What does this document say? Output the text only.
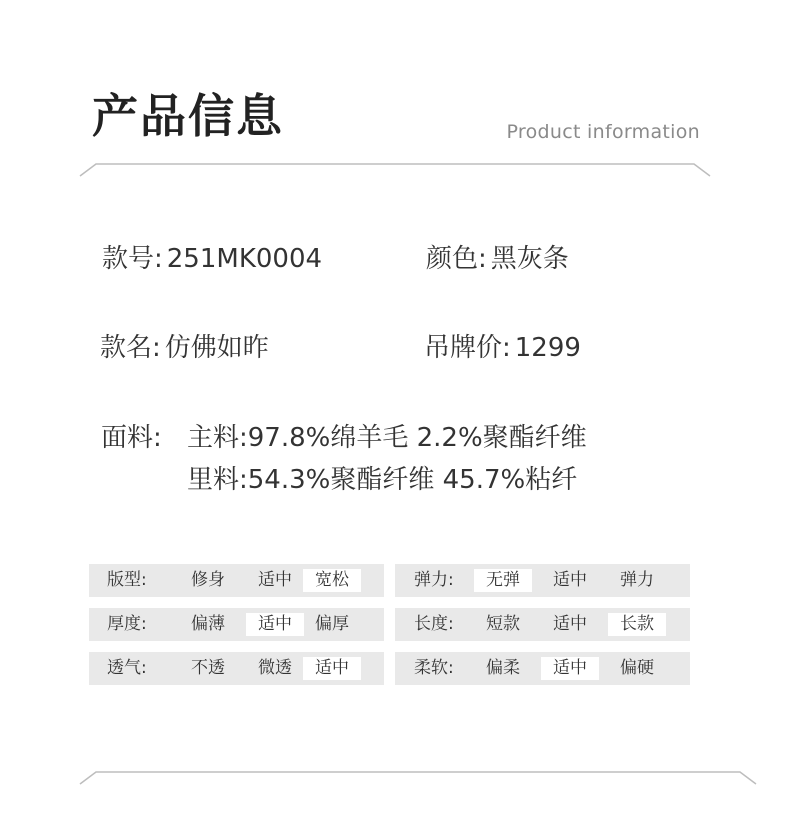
产品信息	Product information
款号: 251MK0004	颜色: 黑灰条
款名: 仿佛如昨	吊牌价: 1299
面料: 主料:97.8%绵羊毛 2.2%聚酯纤维
里料:54.3%聚酯纤维 45.7%粘纤
版型:	修身	适中	宽松	弹力:	无弹	适中	弹力
厚度:	偏薄	适中	偏厚	长度:	短款	适中	长款
透气:	不透	微透	适中	柔软:	偏柔	适中	偏硬
